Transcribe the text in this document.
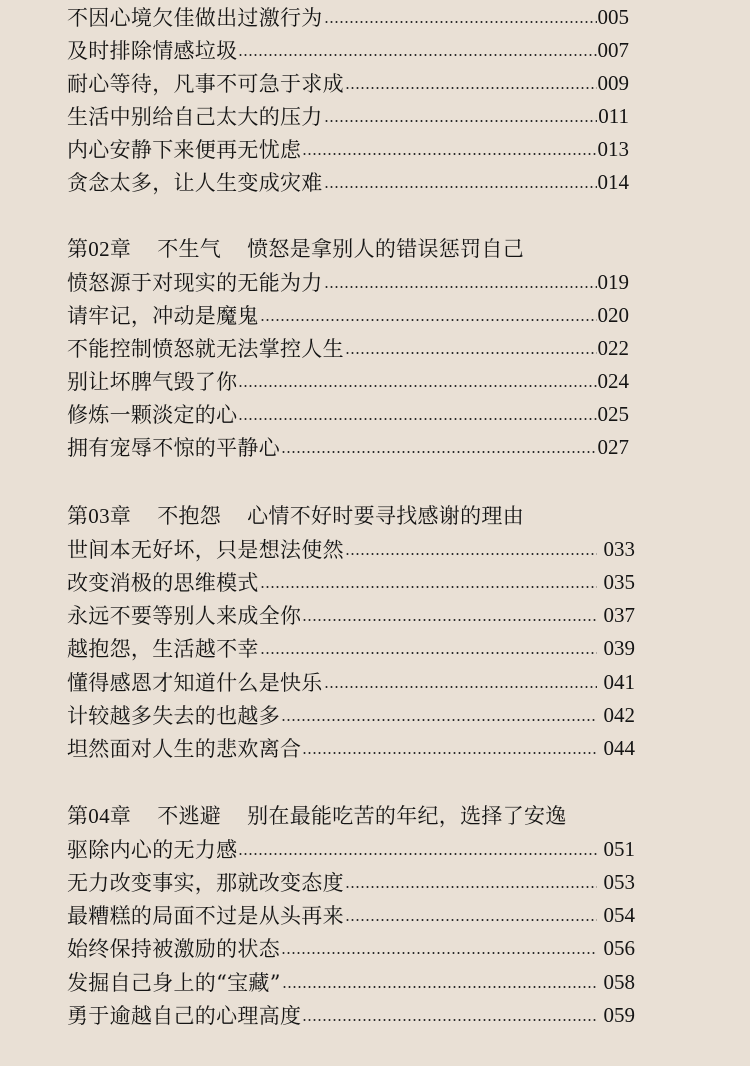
不因心境欠佳做出过激行为	005
及时排除情感垃圾	007
耐心等待，凡事不可急于求成	009
生活中别给自己太大的压力	011
内心安静下来便再无忧虑	013
贪念太多，让人生变成灾难	014
第02章 不生气 愤怒是拿别人的错误惩罚自己
愤怒源于对现实的无能为力	019
请牢记，冲动是魔鬼	020
不能控制愤怒就无法掌控人生	022
别让坏脾气毁了你	024
修炼一颗淡定的心	025
拥有宠辱不惊的平静心	027
第03章 不抱怨 心情不好时要寻找感谢的理由
世间本无好坏，只是想法使然	033
改变消极的思维模式	035
永远不要等别人来成全你	037
越抱怨，生活越不幸	039
懂得感恩才知道什么是快乐	041
计较越多失去的也越多	042
坦然面对人生的悲欢离合	044
第04章 不逃避 别在最能吃苦的年纪，选择了安逸
驱除内心的无力感	051
无力改变事实，那就改变态度	053
最糟糕的局面不过是从头再来	054
始终保持被激励的状态	056
发掘自己身上的“宝藏”	058
勇于逾越自己的心理高度	059
